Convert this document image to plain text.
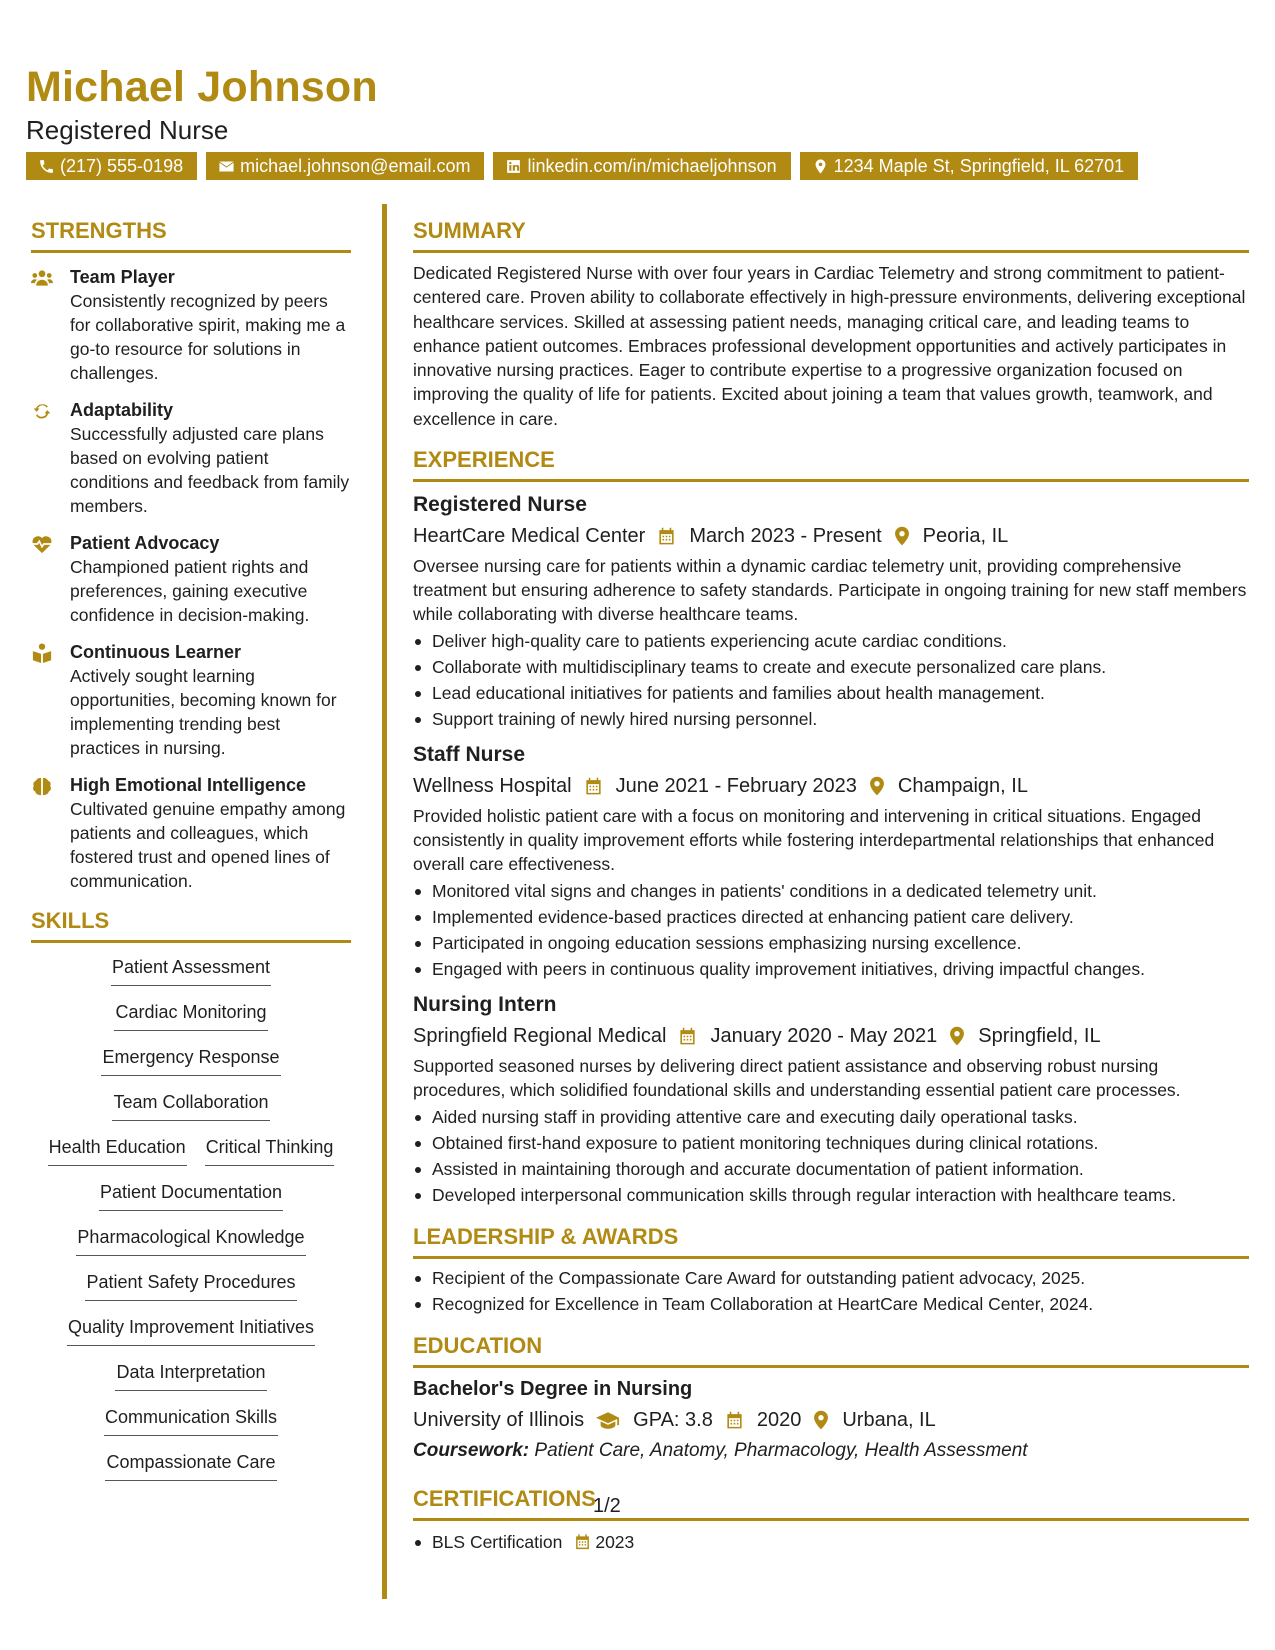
Michael Johnson
Registered Nurse
(217) 555-0198	michael.johnson@email.com	linkedin.com/in/michaeljohnson	1234 Maple St, Springfield, IL 62701
STRENGTHS
Team Player
Consistently recognized by peers for collaborative spirit, making me a go-to resource for solutions in challenges.
Adaptability
Successfully adjusted care plans based on evolving patient conditions and feedback from family members.
Patient Advocacy
Championed patient rights and preferences, gaining executive confidence in decision-making.
Continuous Learner
Actively sought learning opportunities, becoming known for implementing trending best practices in nursing.
High Emotional Intelligence
Cultivated genuine empathy among patients and colleagues, which fostered trust and opened lines of communication.
SKILLS
Patient Assessment
Cardiac Monitoring
Emergency Response
Team Collaboration
Health Education Critical Thinking
Patient Documentation
Pharmacological Knowledge
Patient Safety Procedures
Quality Improvement Initiatives
Data Interpretation
Communication Skills
Compassionate Care
SUMMARY
Dedicated Registered Nurse with over four years in Cardiac Telemetry and strong commitment to patient-centered care. Proven ability to collaborate effectively in high-pressure environments, delivering exceptional healthcare services. Skilled at assessing patient needs, managing critical care, and leading teams to enhance patient outcomes. Embraces professional development opportunities and actively participates in innovative nursing practices. Eager to contribute expertise to a progressive organization focused on improving the quality of life for patients. Excited about joining a team that values growth, teamwork, and excellence in care.
EXPERIENCE
Registered Nurse
HeartCare Medical Center March 2023 - Present Peoria, IL
Oversee nursing care for patients within a dynamic cardiac telemetry unit, providing comprehensive treatment but ensuring adherence to safety standards. Participate in ongoing training for new staff members while collaborating with diverse healthcare teams.
Deliver high-quality care to patients experiencing acute cardiac conditions.
Collaborate with multidisciplinary teams to create and execute personalized care plans.
Lead educational initiatives for patients and families about health management.
Support training of newly hired nursing personnel.
Staff Nurse
Wellness Hospital June 2021 - February 2023 Champaign, IL
Provided holistic patient care with a focus on monitoring and intervening in critical situations. Engaged consistently in quality improvement efforts while fostering interdepartmental relationships that enhanced overall care effectiveness.
Monitored vital signs and changes in patients' conditions in a dedicated telemetry unit.
Implemented evidence-based practices directed at enhancing patient care delivery.
Participated in ongoing education sessions emphasizing nursing excellence.
Engaged with peers in continuous quality improvement initiatives, driving impactful changes.
Nursing Intern
Springfield Regional Medical January 2020 - May 2021 Springfield, IL
Supported seasoned nurses by delivering direct patient assistance and observing robust nursing procedures, which solidified foundational skills and understanding essential patient care processes.
Aided nursing staff in providing attentive care and executing daily operational tasks.
Obtained first-hand exposure to patient monitoring techniques during clinical rotations.
Assisted in maintaining thorough and accurate documentation of patient information.
Developed interpersonal communication skills through regular interaction with healthcare teams.
LEADERSHIP & AWARDS
Recipient of the Compassionate Care Award for outstanding patient advocacy, 2025.
Recognized for Excellence in Team Collaboration at HeartCare Medical Center, 2024.
EDUCATION
Bachelor's Degree in Nursing
University of Illinois GPA: 3.8 2020 Urbana, IL
Coursework: Patient Care, Anatomy, Pharmacology, Health Assessment
CERTIFICATIONS
BLS Certification 2023
1/2
